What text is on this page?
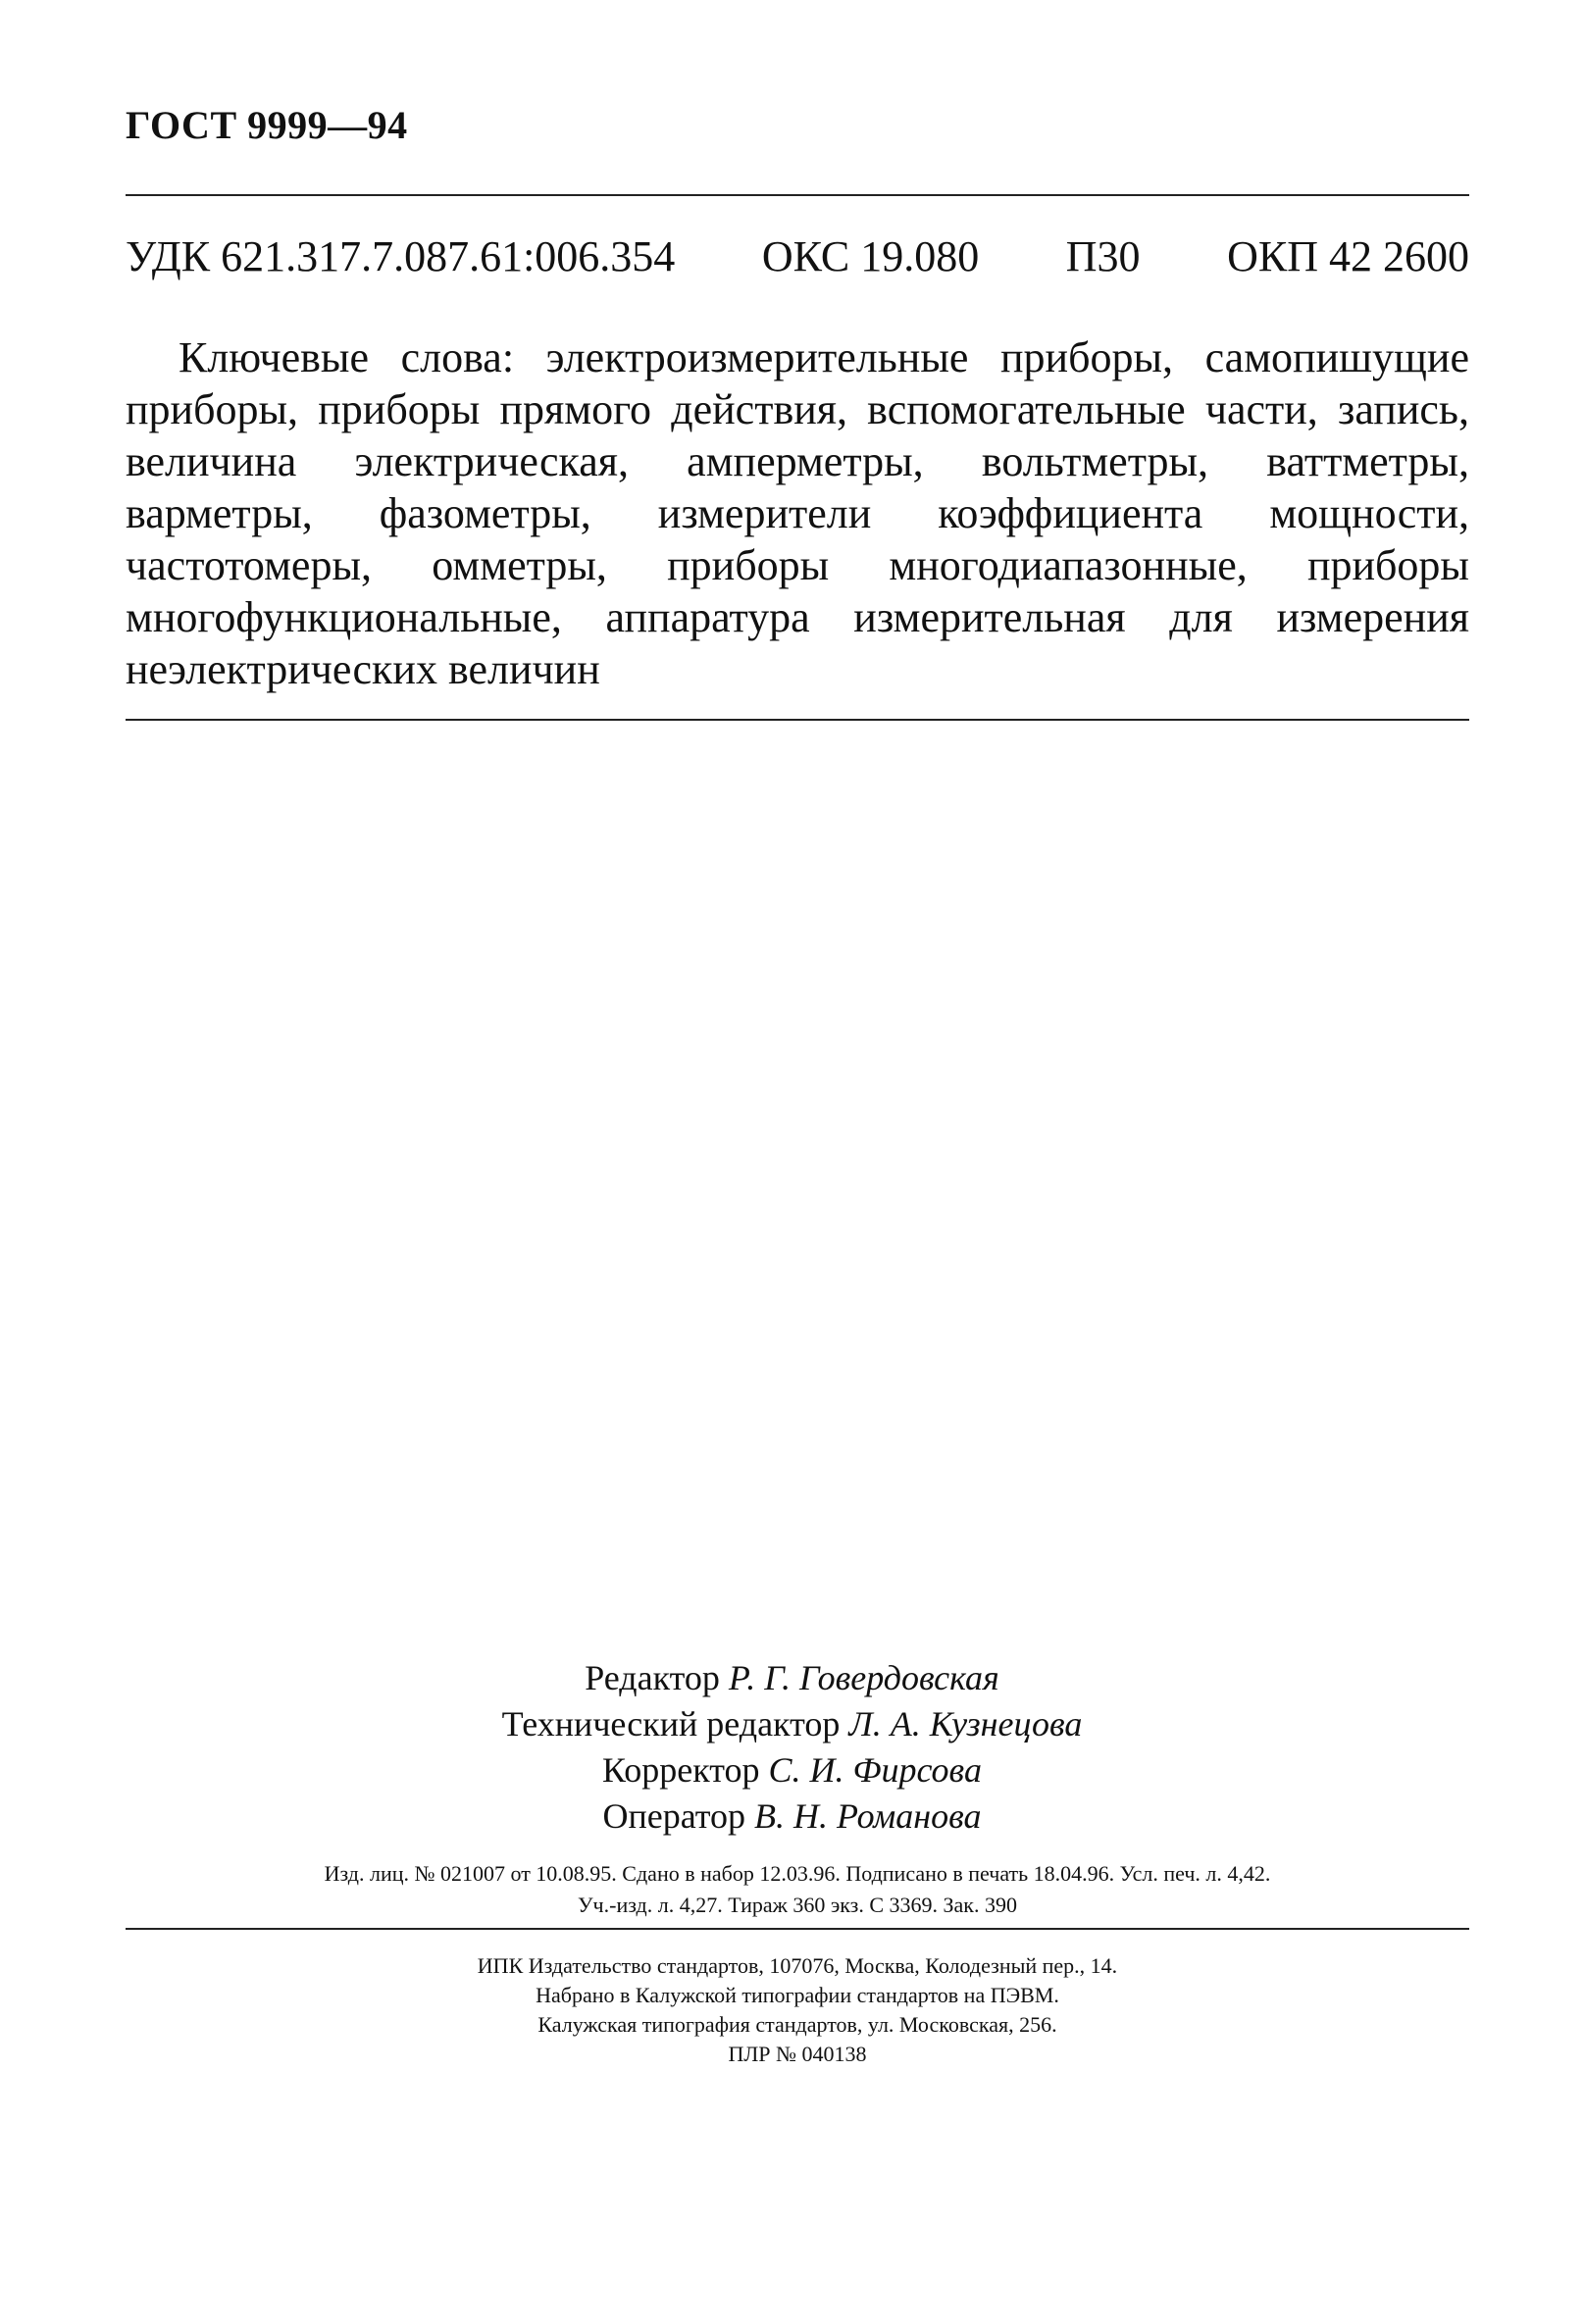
ГОСТ 9999—94
УДК 621.317.7.087.61:006.354 ОКС 19.080 П30 ОКП 42 2600

Ключевые слова: электроизмерительные приборы, самопишущие приборы, приборы прямого действия, вспомогательные части, запись, величина электрическая, амперметры, вольтметры, ваттметры, варметры, фазометры, измерители коэффициента мощности, частотомеры, омметры, приборы многодиапазонные, приборы многофункциональные, аппаратура измерительная для измерения неэлектрических величин

Редактор Р. Г. Говердовская
Технический редактор Л. А. Кузнецова
Корректор С. И. Фирсова
Оператор В. Н. Романова
Изд. лиц. № 021007 от 10.08.95. Сдано в набор 12.03.96. Подписано в печать 18.04.96. Усл. печ. л. 4,42.
Уч.-изд. л. 4,27. Тираж 360 экз. С 3369. Зак. 390
ИПК Издательство стандартов, 107076, Москва, Колодезный пер., 14.
Набрано в Калужской типографии стандартов на ПЭВМ.
Калужская типография стандартов, ул. Московская, 256.
ПЛР № 040138
